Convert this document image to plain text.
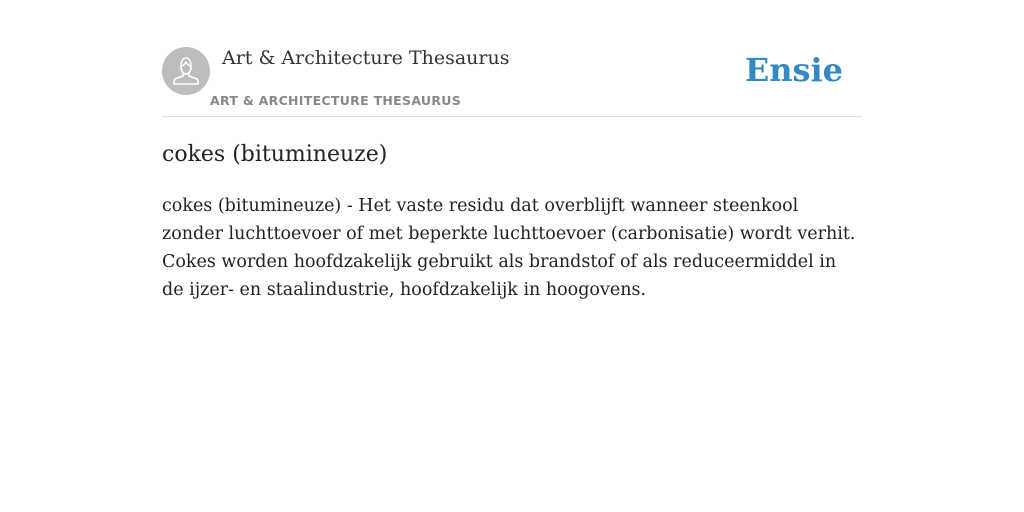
Art & Architecture Thesaurus
ART & ARCHITECTURE THESAURUS
Ensie
cokes (bitumineuze)

cokes (bitumineuze) - Het vaste residu dat overblijft wanneer steenkool zonder luchttoevoer of met beperkte luchttoevoer (carbonisatie) wordt verhit. Cokes worden hoofdzakelijk gebruikt als brandstof of als reduceermiddel in de ijzer- en staalindustrie, hoofdzakelijk in hoogovens.
